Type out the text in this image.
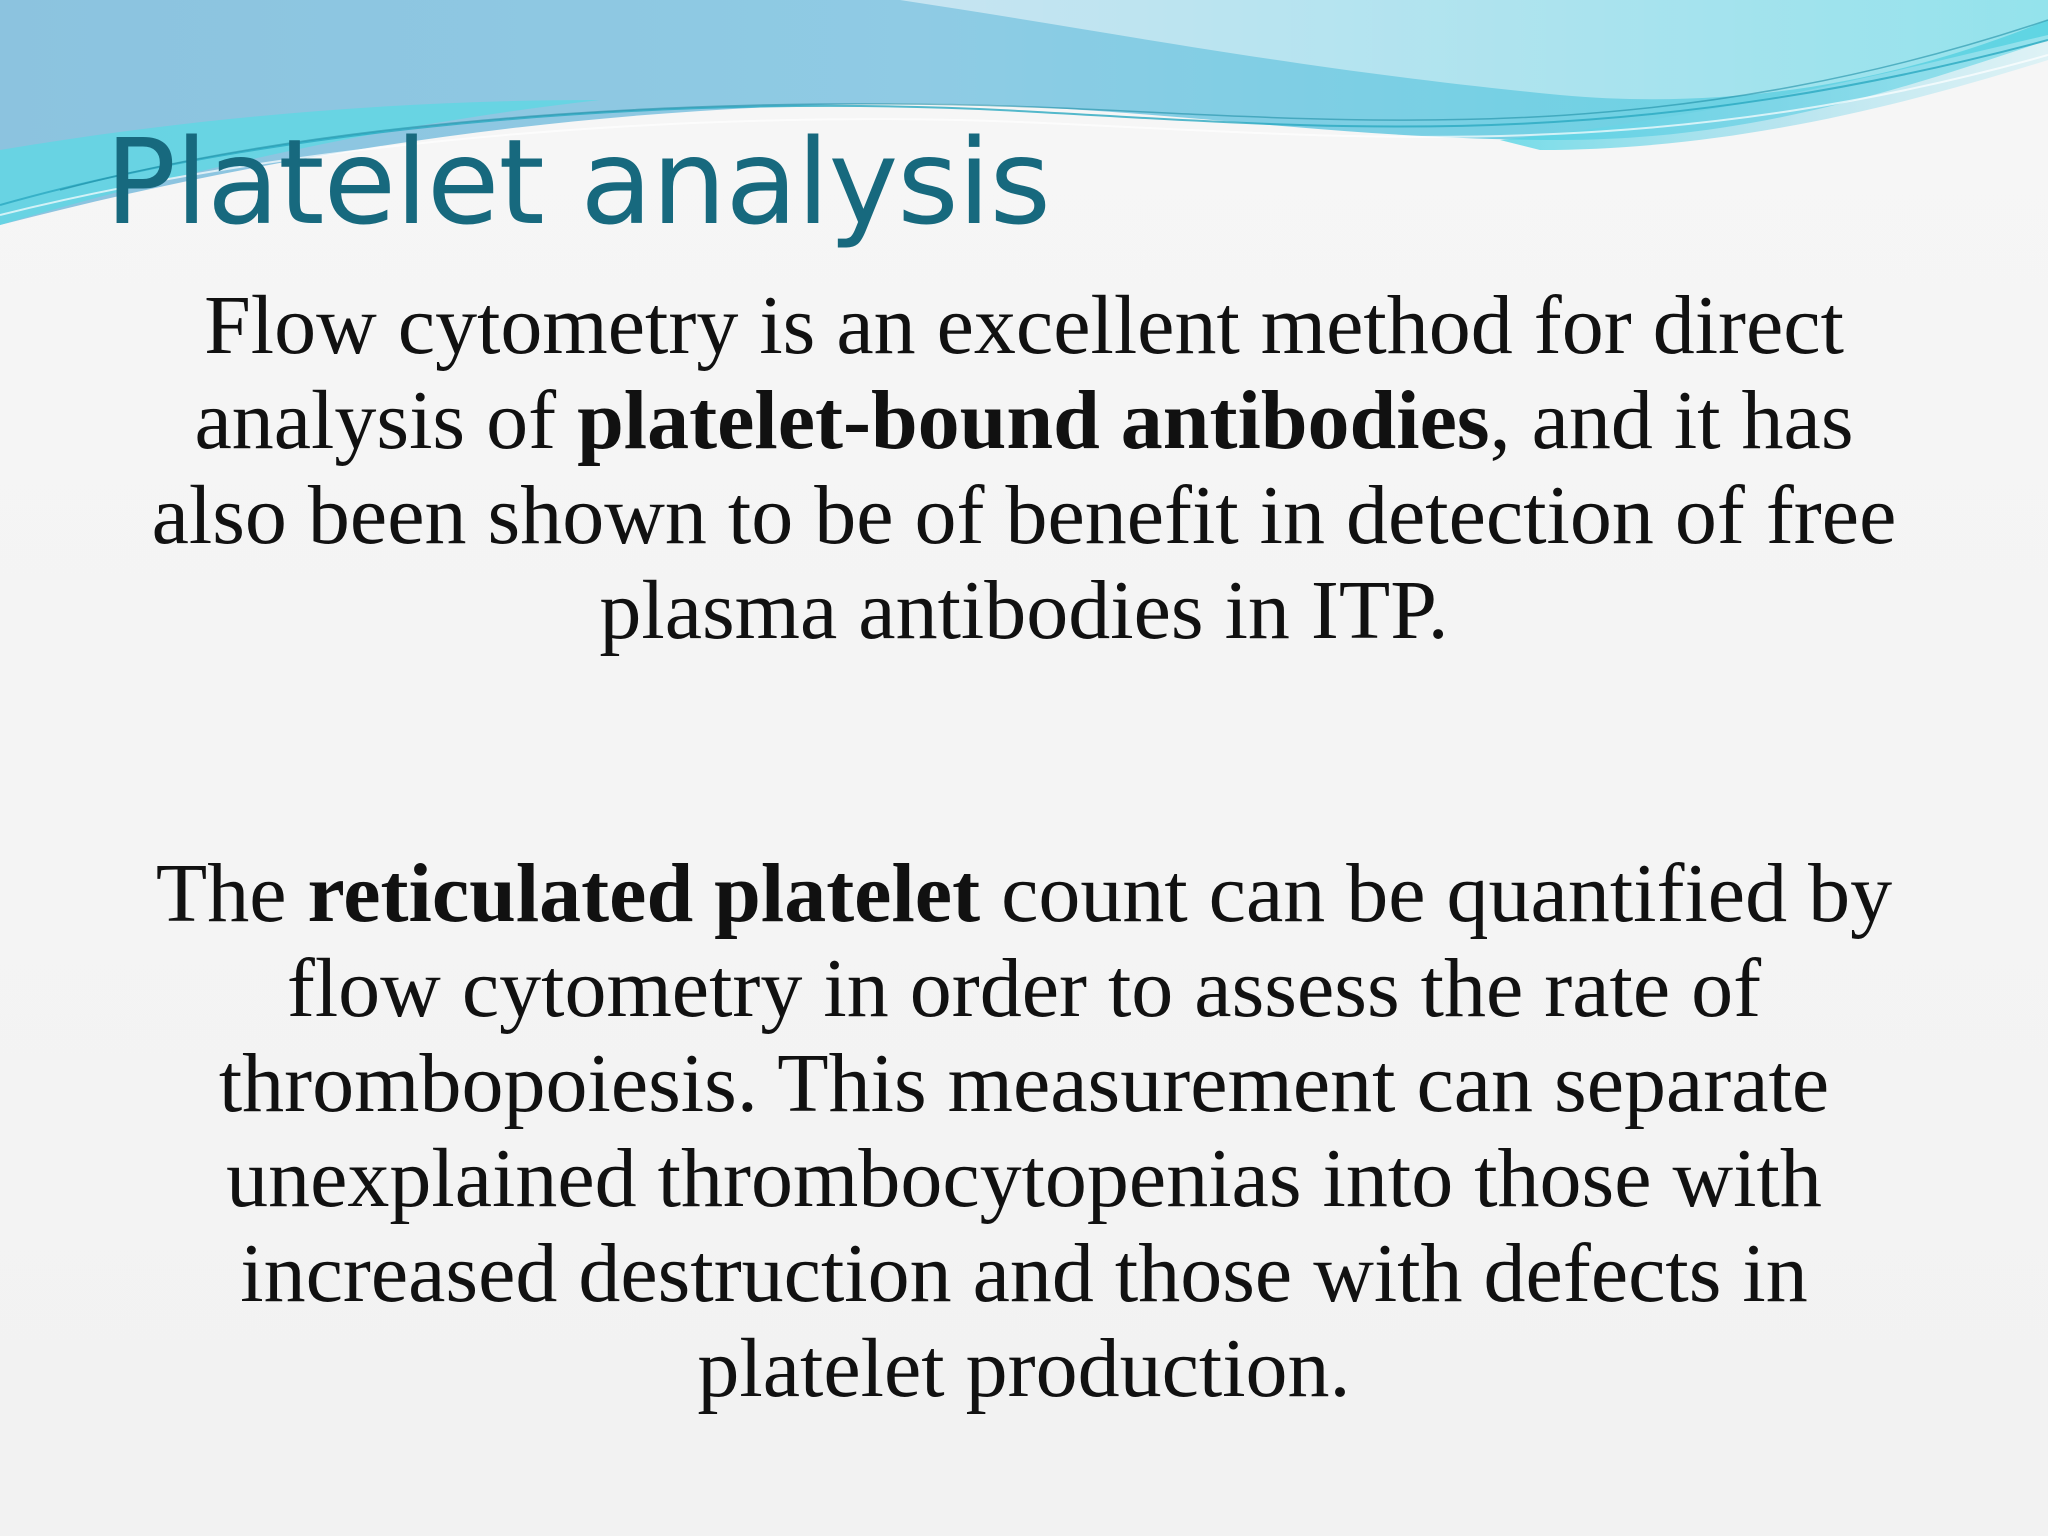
Platelet analysis

Flow cytometry is an excellent method for direct analysis of platelet-bound antibodies, and it has also been shown to be of benefit in detection of free plasma antibodies in ITP.

The reticulated platelet count can be quantified by flow cytometry in order to assess the rate of thrombopoiesis. This measurement can separate unexplained thrombocytopenias into those with increased destruction and those with defects in platelet production.
